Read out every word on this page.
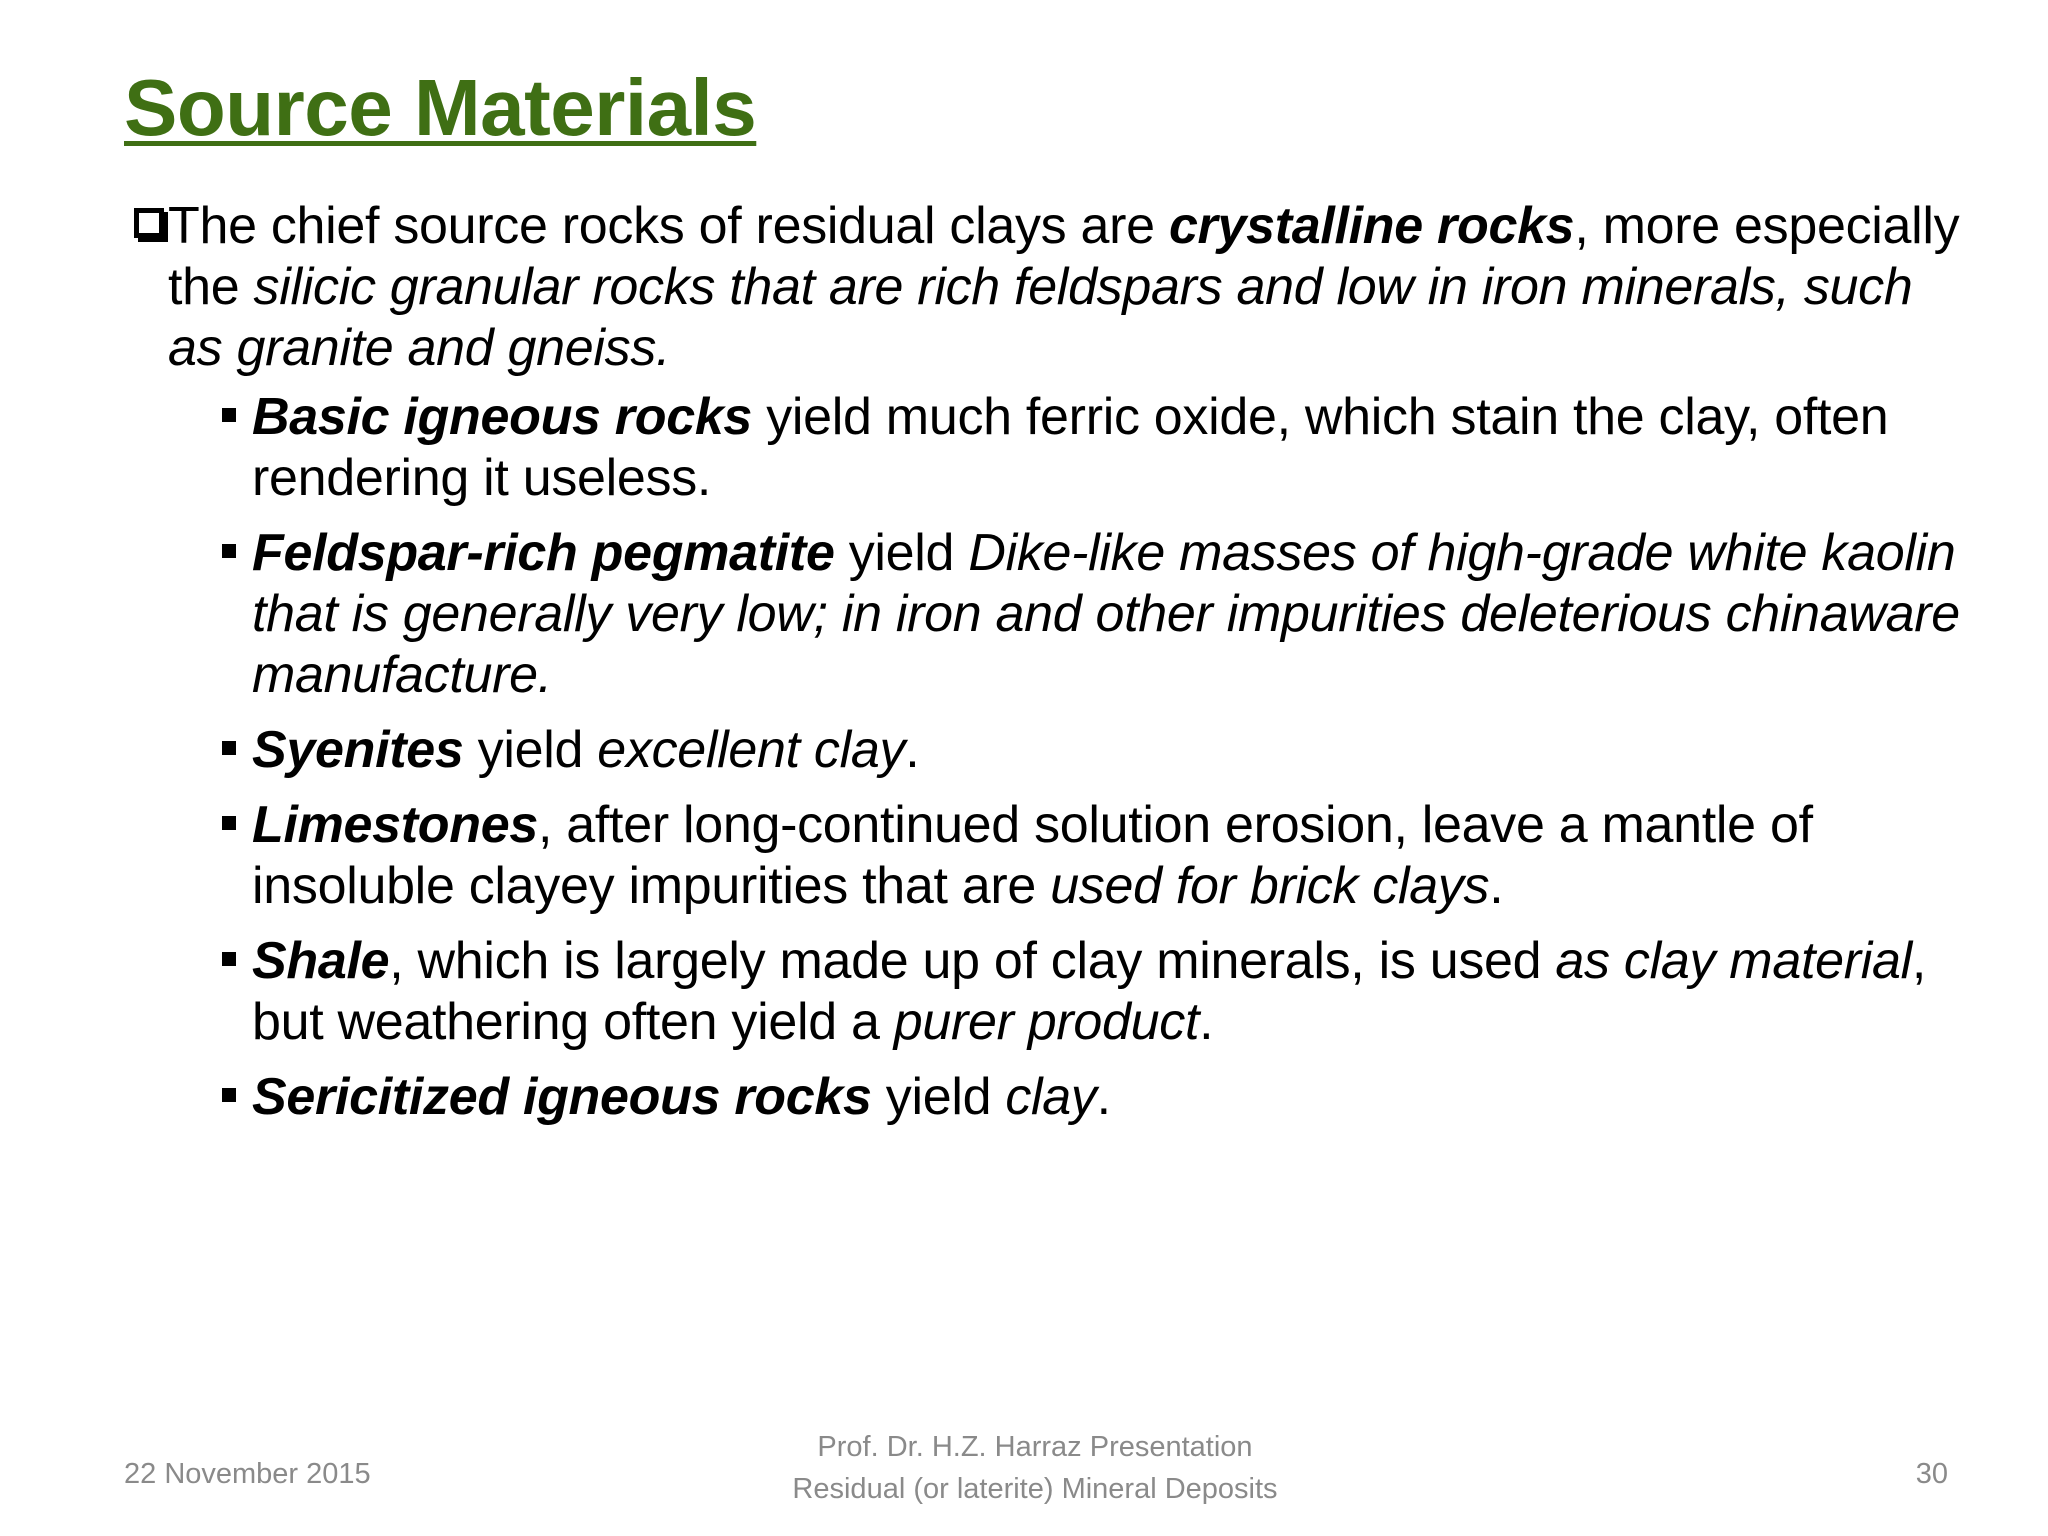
Source Materials
The chief source rocks of residual clays are crystalline rocks, more especially the silicic granular rocks that are rich feldspars and low in iron minerals, such as granite and gneiss.
Basic igneous rocks yield much ferric oxide, which stain the clay, often rendering it useless.
Feldspar-rich pegmatite yield Dike-like masses of high-grade white kaolin that is generally very low; in iron and other impurities deleterious chinaware manufacture.
Syenites yield excellent clay.
Limestones, after long-continued solution erosion, leave a mantle of insoluble clayey impurities that are used for brick clays.
Shale, which is largely made up of clay minerals, is used as clay material, but weathering often yield a purer product.
Sericitized igneous rocks yield clay.
22 November 2015
Prof. Dr. H.Z. Harraz Presentation
Residual (or laterite) Mineral Deposits	30
